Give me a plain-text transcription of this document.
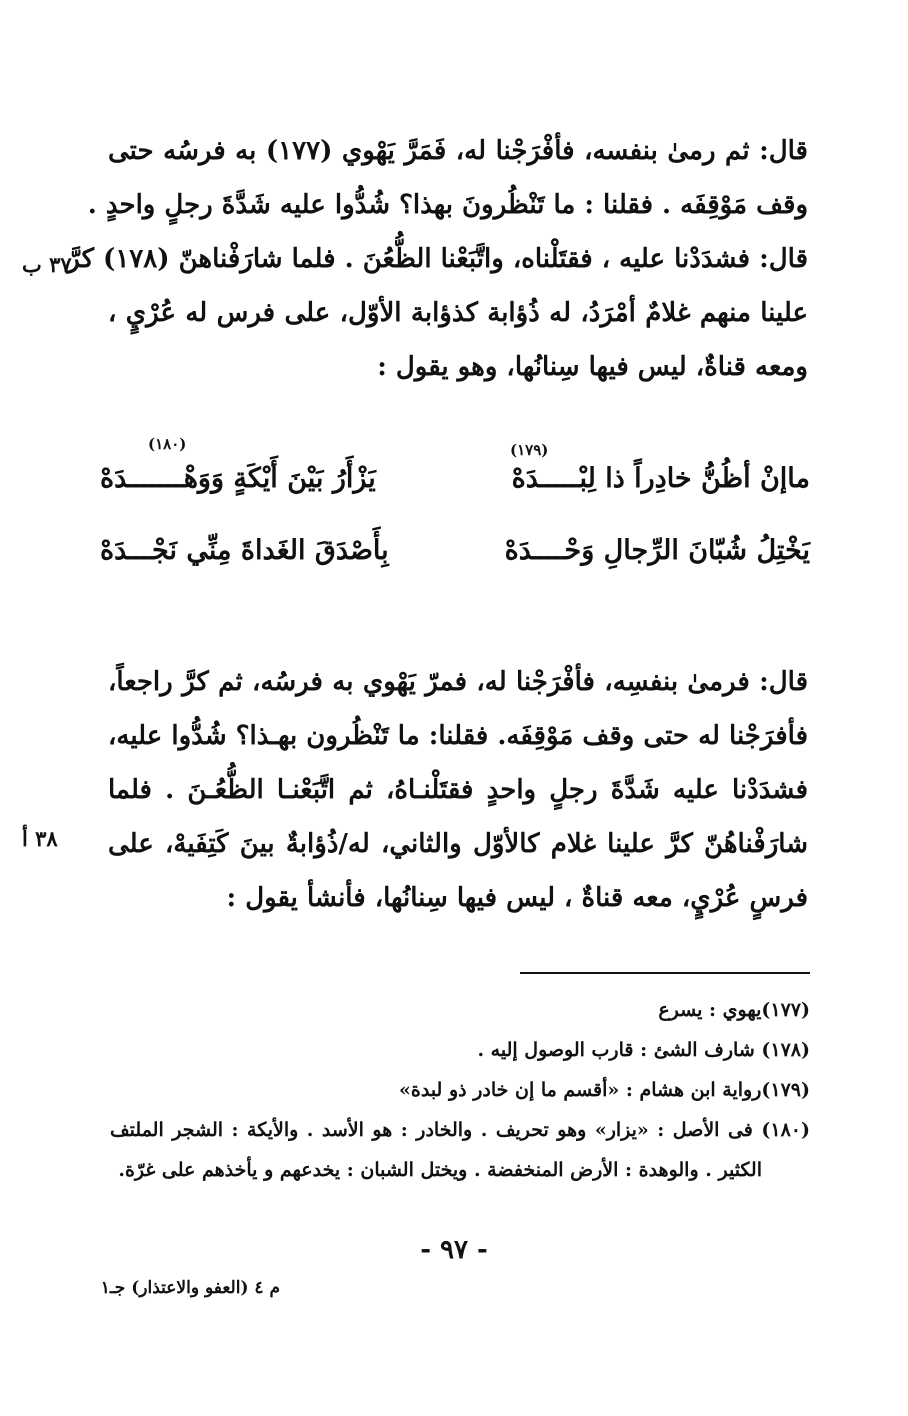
قال: ثم رمىٰ بنفسه، فأفْرَجْنا له، فَمَرَّ يَهْوي (١٧٧) به فرسُه حتى
وقف مَوْقِفَه . فقلنا : ما تَنْظُرونَ بهذا؟ شُدُّوا عليه شَدَّةَ رجلٍ واحدٍ .
قال: فشدَدْنا عليه ، فقتَلْناه، واتَّبَعْنا الظُّعُنَ . فلما شارَفْناهنّ (١٧٨) كرَّ
علينا منهم غلامٌ أمْرَدُ، له ذُؤابة كذؤابة الأوّل، على فرس له عُرْيٍ ،
ومعه قناةٌ، ليس فيها سِنانُها، وهو يقول :
٣٧ ب
ماإنْ أظُنُّ خادِراً ذا لِبْـــــدَهْ
يَزْأَرُ بَيْنَ أَيْكَةٍ وَوَهْـــــــدَهْ
يَخْتِلُ شُبّانَ الرِّجالِ وَحْــــدَهْ
بِأَصْدَقَ الغَداةَ مِنِّي نَجْـــدَهْ
(١٧٩)
(١٨٠)
قال: فرمىٰ بنفسِه، فأفْرَجْنا له، فمرّ يَهْوي به فرسُه، ثم كرَّ راجعاً،
فأفرَجْنا له حتى وقف مَوْقِفَه. فقلنا: ما تَنْظُرون بهـذا؟ شُدُّوا عليه،
فشدَدْنا عليه شَدَّةَ رجلٍ واحدٍ فقتَلْنـاهُ، ثم اتَّبَعْنـا الظُّعُـنَ . فلما
شارَفْناهُنّ كرَّ علينا غلام كالأوّل والثاني، له/ذُؤابةٌ بينَ كَتِفَيهْ، على
فرسٍ عُرْيٍ، معه قناةٌ ، ليس فيها سِنانُها، فأنشأ يقول :
٣٨ أ
(١٧٧)يهوي : يسرع
(١٧٨) شارف الشئ : قارب الوصول إليه .
(١٧٩)رواية ابن هشام : «أقسم ما إن خادر ذو لبدة»
(١٨٠) فى الأصل : «يزار» وهو تحريف . والخادر : هو الأسد . والأيكة : الشجر الملتف
الكثير . والوهدة : الأرض المنخفضة . ويختل الشبان : يخدعهم و يأخذهم على غرّة.
- ٩٧ -
م ٤ (العفو والاعتذار) جـ١
